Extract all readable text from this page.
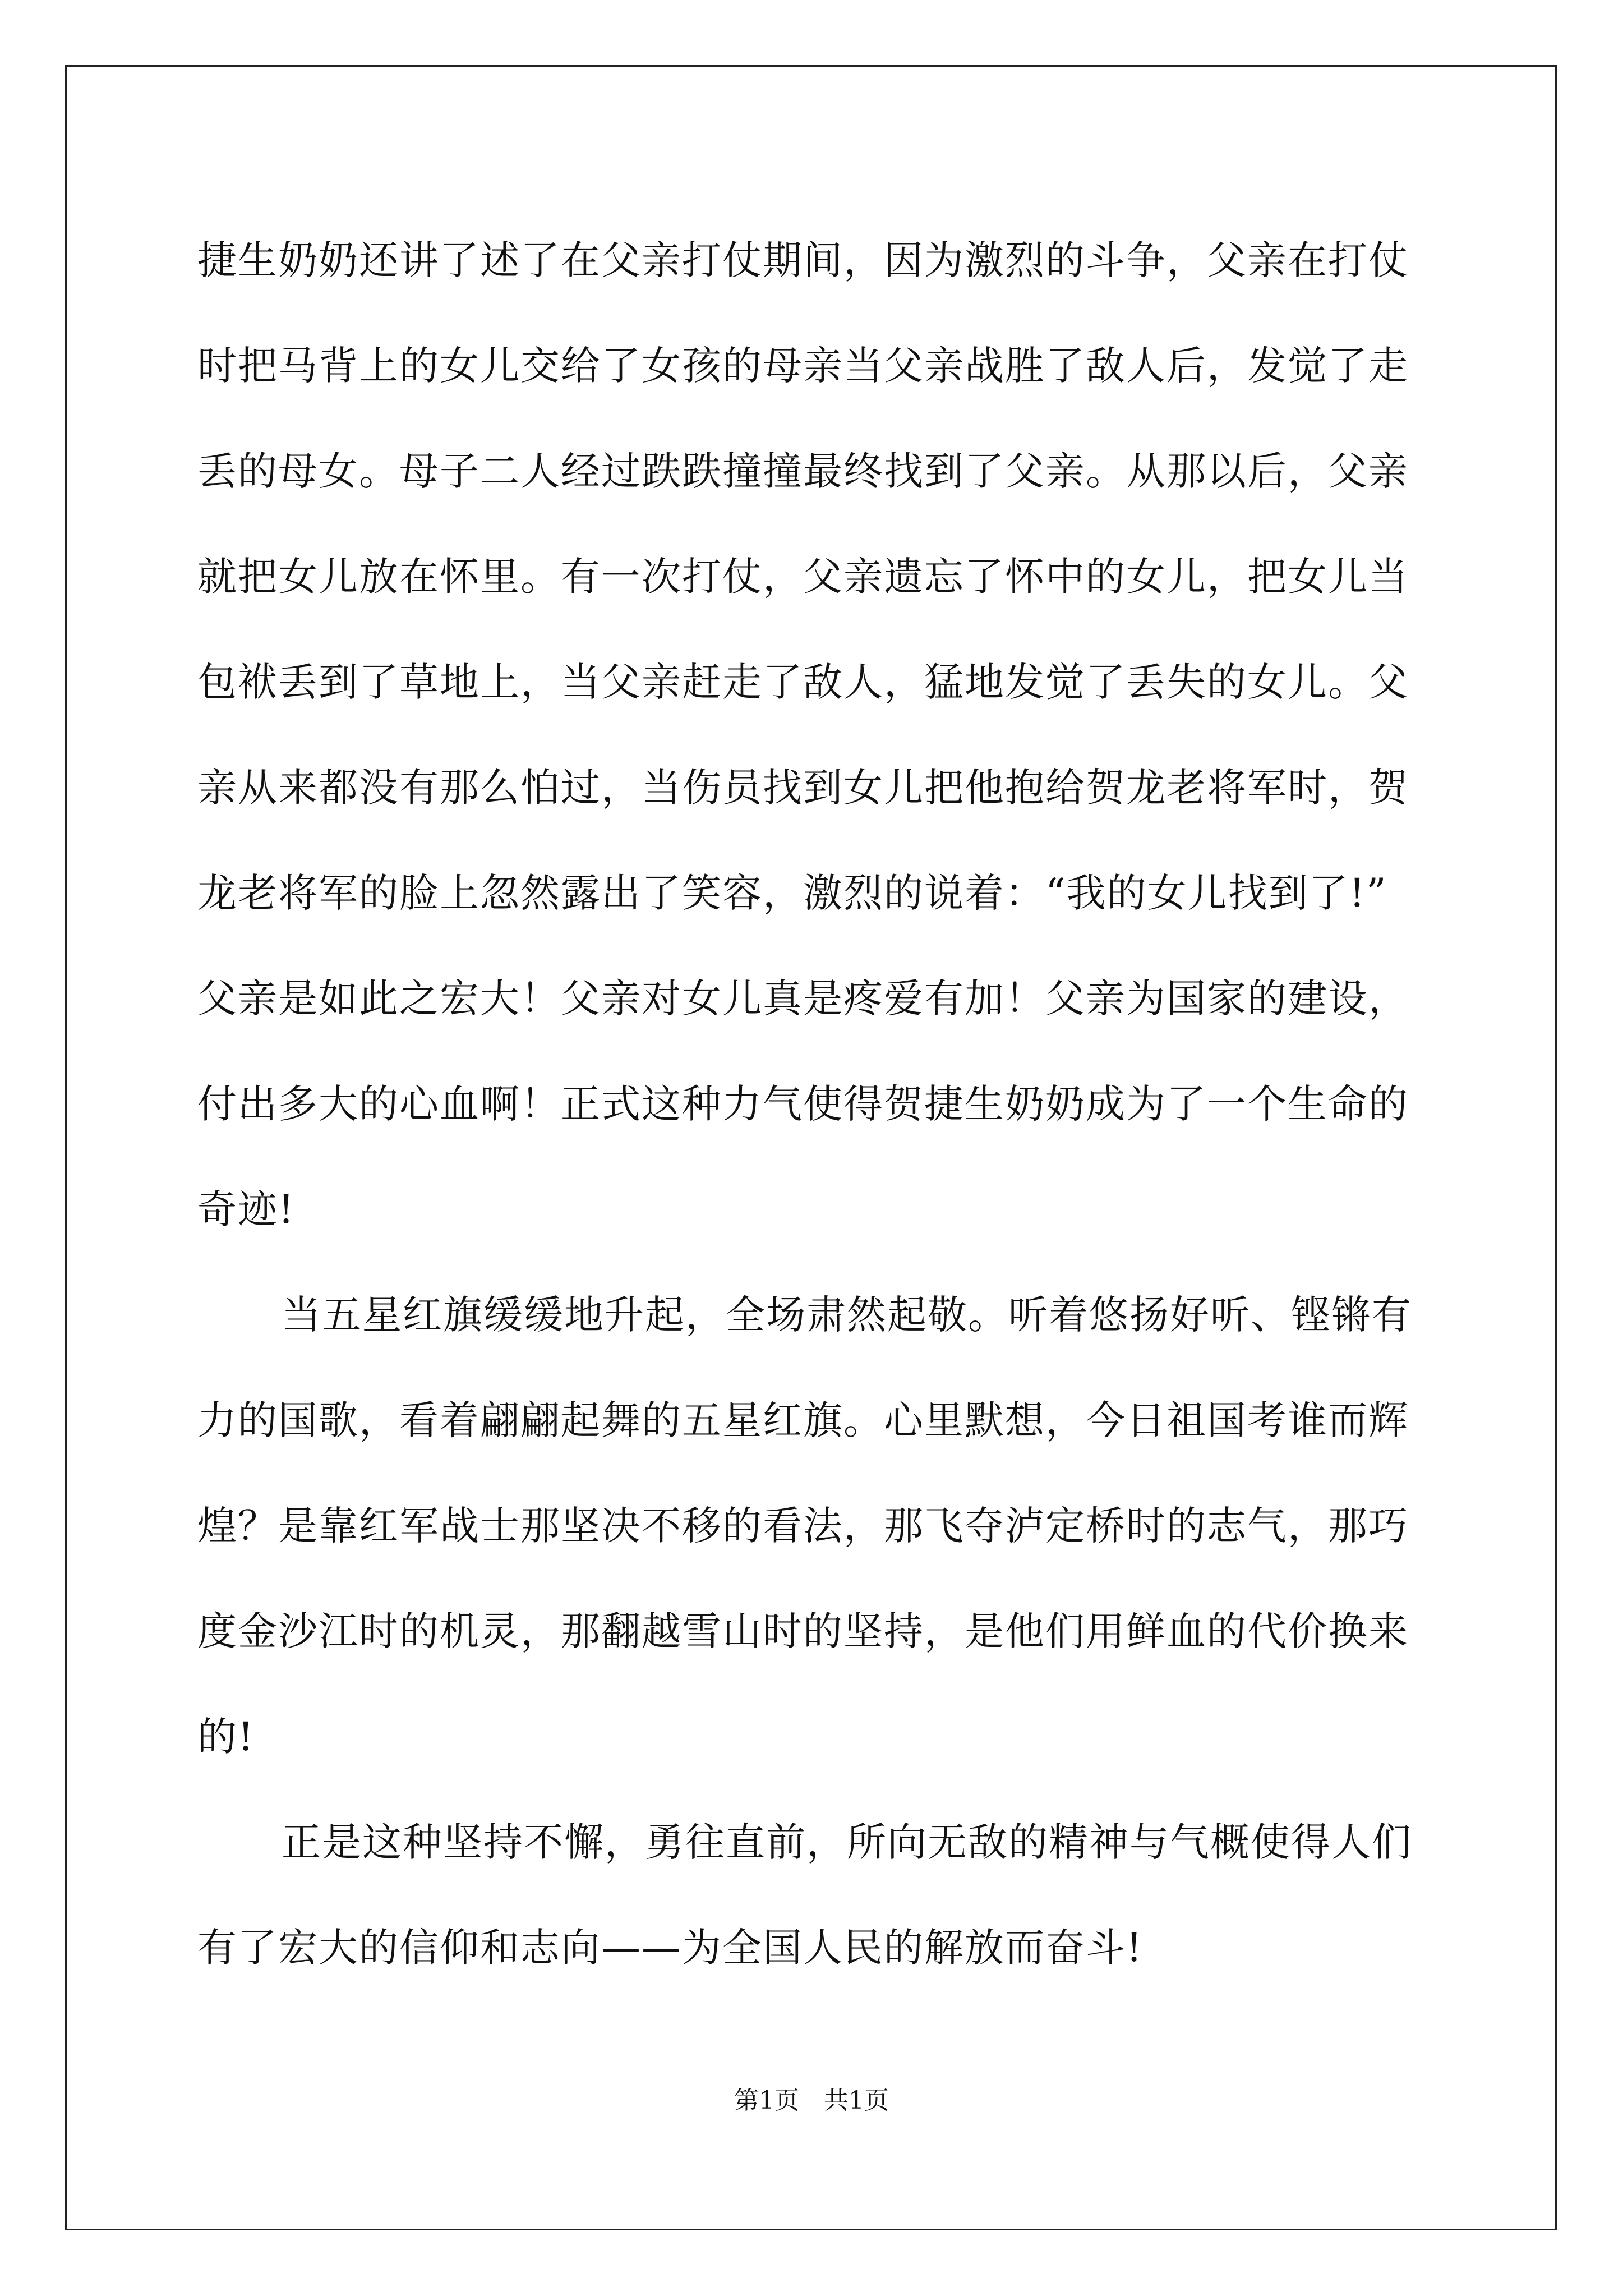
捷生奶奶还讲了述了在父亲打仗期间，因为激烈的斗争，父亲在打仗
时把马背上的女儿交给了女孩的母亲当父亲战胜了敌人后，发觉了走
丢的母女。母子二人经过跌跌撞撞最终找到了父亲。从那以后，父亲
就把女儿放在怀里。有一次打仗，父亲遗忘了怀中的女儿，把女儿当
包袱丢到了草地上，当父亲赶走了敌人，猛地发觉了丢失的女儿。父
亲从来都没有那么怕过，当伤员找到女儿把他抱给贺龙老将军时，贺
龙老将军的脸上忽然露出了笑容，激烈的说着：“我的女儿找到了!”
父亲是如此之宏大！父亲对女儿真是疼爱有加！父亲为国家的建设，
付出多大的心血啊！正式这种力气使得贺捷生奶奶成为了一个生命的
奇迹!
当五星红旗缓缓地升起，全场肃然起敬。听着悠扬好听、铿锵有
力的国歌，看着翩翩起舞的五星红旗。心里默想，今日祖国考谁而辉
煌？是靠红军战士那坚决不移的看法，那飞夺泸定桥时的志气，那巧
度金沙江时的机灵，那翻越雪山时的坚持，是他们用鲜血的代价换来
的!
正是这种坚持不懈，勇往直前，所向无敌的精神与气概使得人们
有了宏大的信仰和志向——为全国人民的解放而奋斗!
第1页　共1页
